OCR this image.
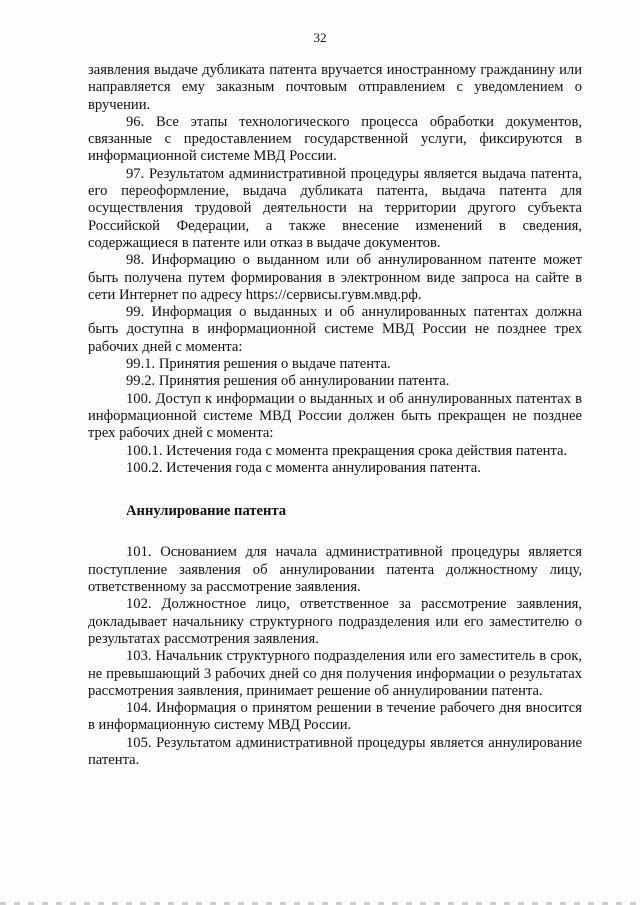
32

заявления выдаче дубликата патента вручается иностранному гражданину или направляется ему заказным почтовым отправлением с уведомлением о вручении.

96. Все этапы технологического процесса обработки документов, связанные с предоставлением государственной услуги, фиксируются в информационной системе МВД России.

97. Результатом административной процедуры является выдача патента, его переоформление, выдача дубликата патента, выдача патента для осуществления трудовой деятельности на территории другого субъекта Российской Федерации, а также внесение изменений в сведения, содержащиеся в патенте или отказ в выдаче документов.

98. Информацию о выданном или об аннулированном патенте может быть получена путем формирования в электронном виде запроса на сайте в сети Интернет по адресу https://сервисы.гувм.мвд.рф.

99. Информация о выданных и об аннулированных патентах должна быть доступна в информационной системе МВД России не позднее трех рабочих дней с момента:

99.1. Принятия решения о выдаче патента.

99.2. Принятия решения об аннулировании патента.

100. Доступ к информации о выданных и об аннулированных патентах в информационной системе МВД России должен быть прекращен не позднее трех рабочих дней с момента:

100.1. Истечения года с момента прекращения срока действия патента.

100.2. Истечения года с момента аннулирования патента.

Аннулирование патента

101. Основанием для начала административной процедуры является поступление заявления об аннулировании патента должностному лицу, ответственному за рассмотрение заявления.

102. Должностное лицо, ответственное за рассмотрение заявления, докладывает начальнику структурного подразделения или его заместителю о результатах рассмотрения заявления.

103. Начальник структурного подразделения или его заместитель в срок, не превышающий 3 рабочих дней со дня получения информации о результатах рассмотрения заявления, принимает решение об аннулировании патента.

104. Информация о принятом решении в течение рабочего дня вносится в информационную систему МВД России.

105. Результатом административной процедуры является аннулирование патента.
